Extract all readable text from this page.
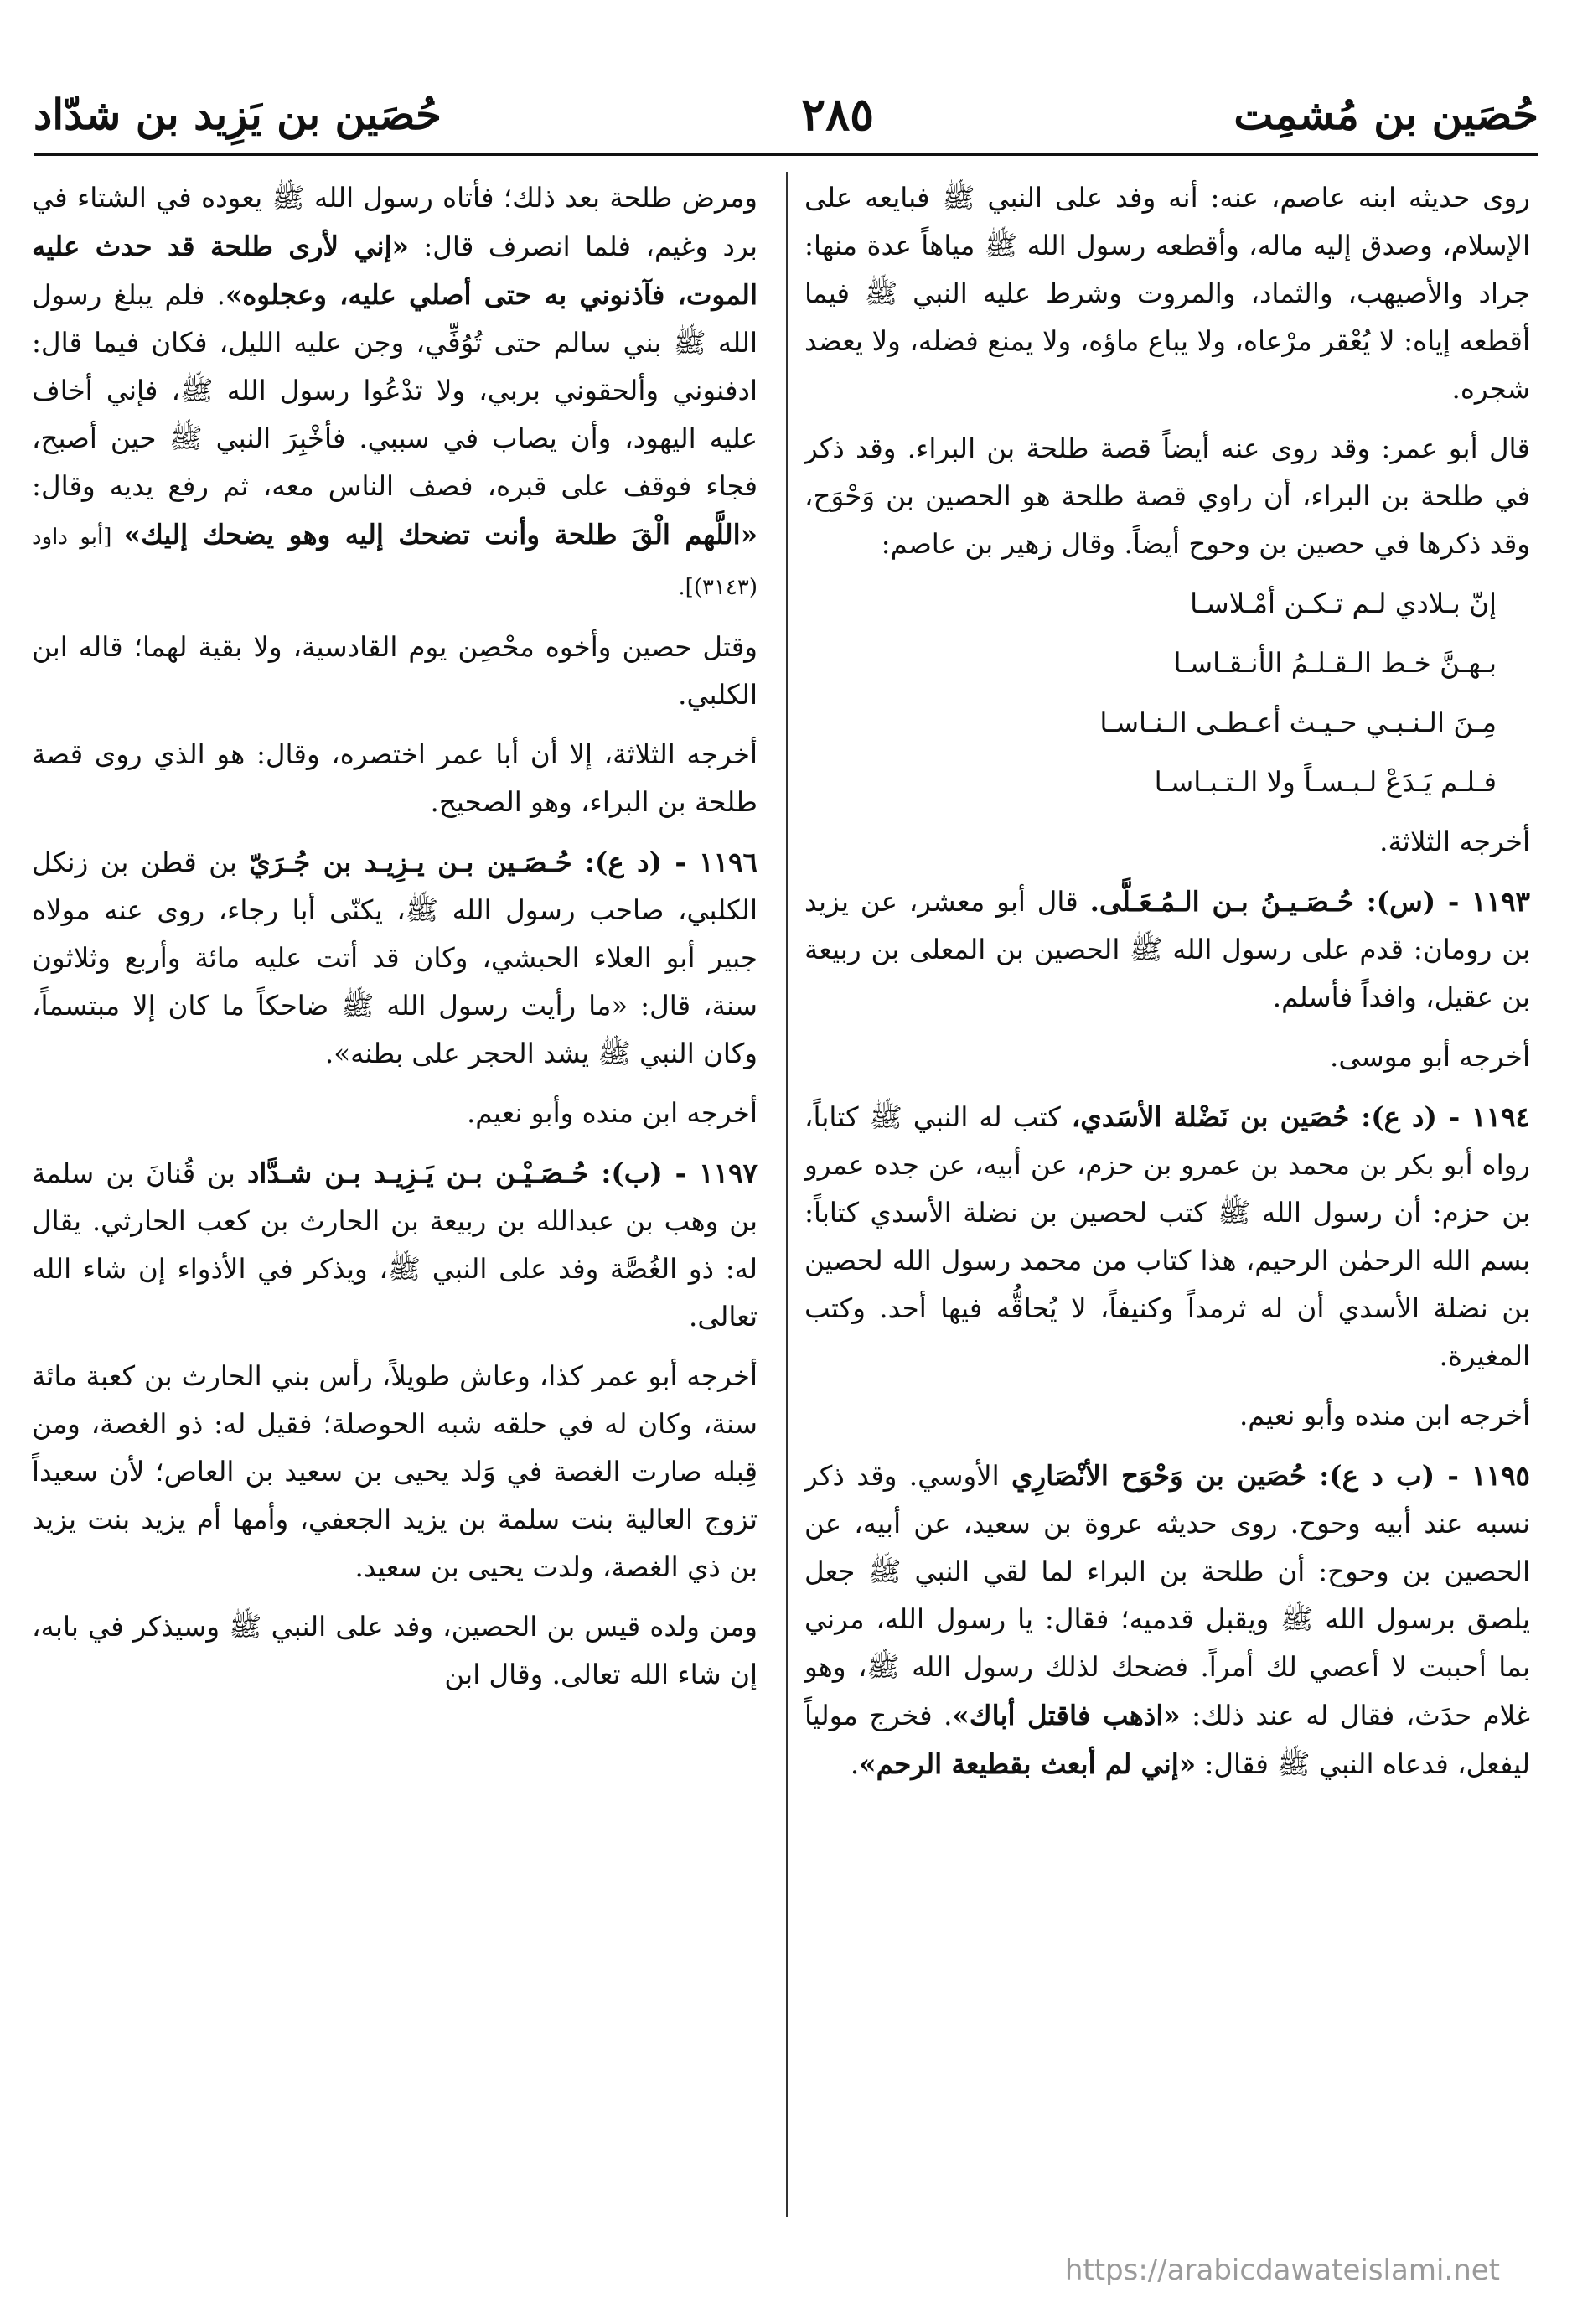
حُصَين بن مُشمِت
٢٨٥
حُصَين بن يَزِيد بن شدّاد

روى حديثه ابنه عاصم، عنه: أنه وفد على النبي ﷺ فبايعه على الإسلام، وصدق إليه ماله، وأقطعه رسول الله ﷺ مياهاً عدة منها: جراد والأصيهب، والثماد، والمروت وشرط عليه النبي ﷺ فيما أقطعه إياه: لا يُعْقر مرْعاه، ولا يباع ماؤه، ولا يمنع فضله، ولا يعضد شجره.

قال أبو عمر: وقد روى عنه أيضاً قصة طلحة بن البراء. وقد ذكر في طلحة بن البراء، أن راوي قصة طلحة هو الحصين بن وَحْوَح، وقد ذكرها في حصين بن وحوح أيضاً. وقال زهير بن عاصم:

إنّ بـلادي لـم تـكـن أمْـلاسـا

بـهـنَّ خـط الـقـلـمُ الأنـقـاسـا

مِـنَ الـنـبـي حـيـث أعـطـى الـنـاسـا

فـلـم يَـدَعْ لـبـسـاً ولا الـتـبـاسـا

أخرجه الثلاثة.

١١٩٣ - (س): حُـصَـيـنُ بـن الـمُـعَـلَّى. قال أبو معشر، عن يزيد بن رومان: قدم على رسول الله ﷺ الحصين بن المعلى بن ربيعة بن عقيل، وافداً فأسلم.

أخرجه أبو موسى.

١١٩٤ - (د ع): حُصَين بن نَضْلة الأسَدي، كتب له النبي ﷺ كتاباً، رواه أبو بكر بن محمد بن عمرو بن حزم، عن أبيه، عن جده عمرو بن حزم: أن رسول الله ﷺ كتب لحصين بن نضلة الأسدي كتاباً: بسم الله الرحمٰن الرحيم، هذا كتاب من محمد رسول الله لحصين بن نضلة الأسدي أن له ثرمداً وكنيفاً، لا يُحاقُّه فيها أحد. وكتب المغيرة.

أخرجه ابن منده وأبو نعيم.

١١٩٥ - (ب د ع): حُصَين بن وَحْوَح الأنْصَارِي الأوسي. وقد ذكر نسبه عند أبيه وحوح. روى حديثه عروة بن سعيد، عن أبيه، عن الحصين بن وحوح: أن طلحة بن البراء لما لقي النبي ﷺ جعل يلصق برسول الله ﷺ ويقبل قدميه؛ فقال: يا رسول الله، مرني بما أحببت لا أعصي لك أمراً. فضحك لذلك رسول الله ﷺ، وهو غلام حدَث، فقال له عند ذلك: «اذهب فاقتل أباك». فخرج مولياً ليفعل، فدعاه النبي ﷺ فقال: «إني لم أبعث بقطيعة الرحم».

ومرض طلحة بعد ذلك؛ فأتاه رسول الله ﷺ يعوده في الشتاء في برد وغيم، فلما انصرف قال: «إني لأرى طلحة قد حدث عليه الموت، فآذنوني به حتى أصلي عليه، وعجلوه». فلم يبلغ رسول الله ﷺ بني سالم حتى تُوُفِّي، وجن عليه الليل، فكان فيما قال: ادفنوني وألحقوني بربي، ولا تدْعُوا رسول الله ﷺ، فإني أخاف عليه اليهود، وأن يصاب في سببي. فأخْبِرَ النبي ﷺ حين أصبح، فجاء فوقف على قبره، فصف الناس معه، ثم رفع يديه وقال: «اللَّهم الْقَ طلحة وأنت تضحك إليه وهو يضحك إليك» [أبو داود (٣١٤٣)].

وقتل حصين وأخوه محْصِن يوم القادسية، ولا بقية لهما؛ قاله ابن الكلبي.

أخرجه الثلاثة، إلا أن أبا عمر اختصره، وقال: هو الذي روى قصة طلحة بن البراء، وهو الصحيح.

١١٩٦ - (د ع): حُـصَـين بـن يـزِيـد بن جُـرَيّ بن قطن بن زنكل الكلبي، صاحب رسول الله ﷺ، يكنّى أبا رجاء، روى عنه مولاه جبير أبو العلاء الحبشي، وكان قد أتت عليه مائة وأربع وثلاثون سنة، قال: «ما رأيت رسول الله ﷺ ضاحكاً ما كان إلا مبتسماً، وكان النبي ﷺ يشد الحجر على بطنه».

أخرجه ابن منده وأبو نعيم.

١١٩٧ - (ب): حُـصَـيْـن بـن يَـزِيـد بـن شـدَّاد بن قُنانَ بن سلمة بن وهب بن عبدالله بن ربيعة بن الحارث بن كعب الحارثي. يقال له: ذو الغُصَّة وفد على النبي ﷺ، ويذكر في الأذواء إن شاء الله تعالى.

أخرجه أبو عمر كذا، وعاش طويلاً، رأس بني الحارث بن كعبة مائة سنة، وكان له في حلقه شبه الحوصلة؛ فقيل له: ذو الغصة، ومن قِبله صارت الغصة في وَلد يحيى بن سعيد بن العاص؛ لأن سعيداً تزوج العالية بنت سلمة بن يزيد الجعفي، وأمها أم يزيد بنت يزيد بن ذي الغصة، ولدت يحيى بن سعيد.

ومن ولده قيس بن الحصين، وفد على النبي ﷺ وسيذكر في بابه، إن شاء الله تعالى. وقال ابن

https://arabicdawateislami.net
